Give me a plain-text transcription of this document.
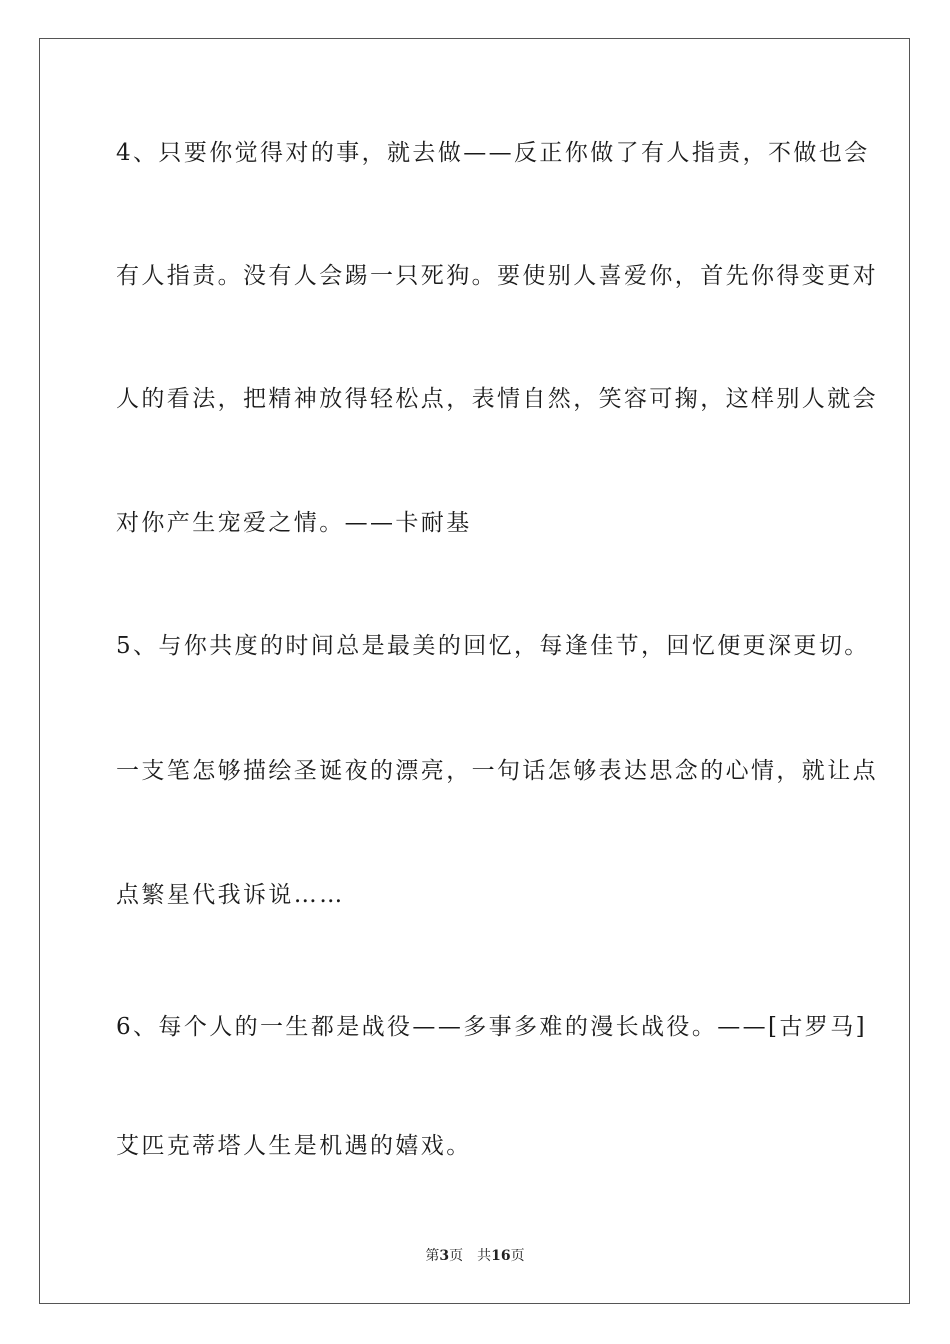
4、只要你觉得对的事，就去做——反正你做了有人指责，不做也会
有人指责。没有人会踢一只死狗。要使别人喜爱你，首先你得变更对
人的看法，把精神放得轻松点，表情自然，笑容可掬，这样别人就会
对你产生宠爱之情。——卡耐基
5、与你共度的时间总是最美的回忆，每逢佳节，回忆便更深更切。
一支笔怎够描绘圣诞夜的漂亮，一句话怎够表达思念的心情，就让点
点繁星代我诉说……
6、每个人的一生都是战役——多事多难的漫长战役。——[古罗马]
艾匹克蒂塔人生是机遇的嬉戏。
第3页 共16页
